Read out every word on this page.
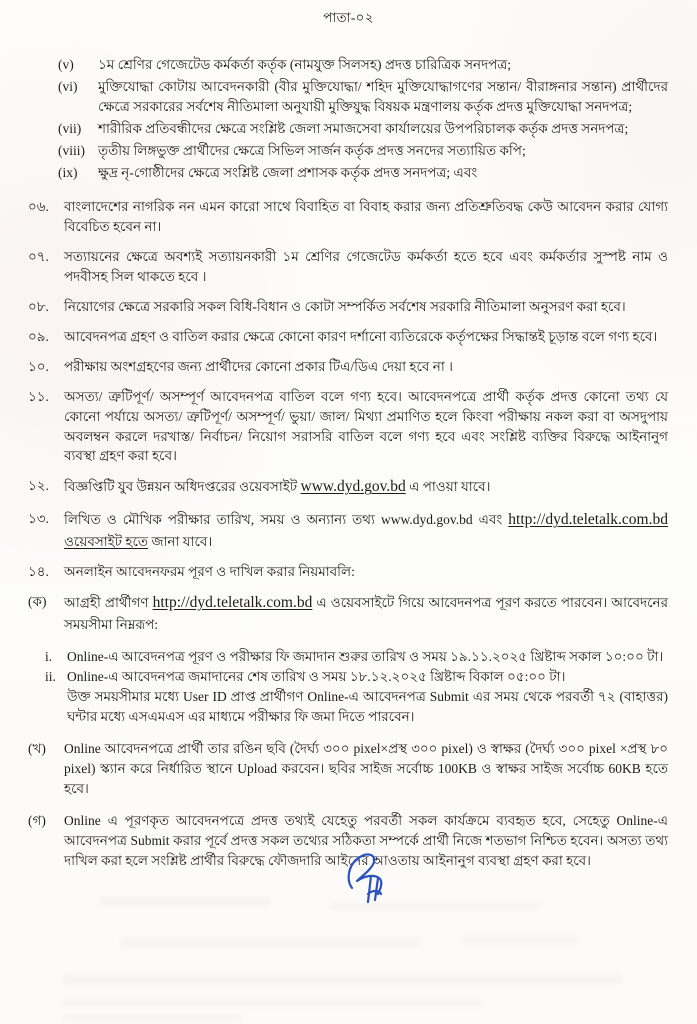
পাতা-০২
(v)	১ম শ্রেণির গেজেটেড কর্মকর্তা কর্তৃক (নামযুক্ত সিলসহ) প্রদত্ত চারিত্রিক সনদপত্র;
(vi)	মুক্তিযোদ্ধা কোটায় আবেদনকারী (বীর মুক্তিযোদ্ধা/ শহিদ মুক্তিযোদ্ধাগণের সন্তান/ বীরাঙ্গনার সন্তান) প্রার্থীদের ক্ষেত্রে সরকারের সর্বশেষ নীতিমালা অনুযায়ী মুক্তিযুদ্ধ বিষয়ক মন্ত্রণালয় কর্তৃক প্রদত্ত মুক্তিযোদ্ধা সনদপত্র;
(vii)	শারীরিক প্রতিবন্ধীদের ক্ষেত্রে সংশ্লিষ্ট জেলা সমাজসেবা কার্যালয়ের উপপরিচালক কর্তৃক প্রদত্ত সনদপত্র;
(viii) তৃতীয় লিঙ্গভুক্ত প্রার্থীদের ক্ষেত্রে সিভিল সার্জন কর্তৃক প্রদত্ত সনদের সত্যায়িত কপি;
(ix)	ক্ষুদ্র নৃ-গোষ্ঠীদের ক্ষেত্রে সংশ্লিষ্ট জেলা প্রশাসক কর্তৃক প্রদত্ত সনদপত্র; এবং
০৬.	বাংলাদেশের নাগরিক নন এমন কারো সাথে বিবাহিত বা বিবাহ করার জন্য প্রতিশ্রুতিবদ্ধ কেউ আবেদন করার যোগ্য বিবেচিত হবেন না।
০৭.	সত্যায়নের ক্ষেত্রে অবশ্যই সত্যায়নকারী ১ম শ্রেণির গেজেটেড কর্মকর্তা হতে হবে এবং কর্মকর্তার সুস্পষ্ট নাম ও পদবীসহ সিল থাকতে হবে ।
০৮.	নিয়োগের ক্ষেত্রে সরকারি সকল বিধি-বিধান ও কোটা সম্পর্কিত সর্বশেষ সরকারি নীতিমালা অনুসরণ করা হবে।
০৯.	আবেদনপত্র গ্রহণ ও বাতিল করার ক্ষেত্রে কোনো কারণ দর্শানো ব্যতিরেকে কর্তৃপক্ষের সিদ্ধান্তই চূড়ান্ত বলে গণ্য হবে।
১০.	পরীক্ষায় অংশগ্রহণের জন্য প্রার্থীদের কোনো প্রকার টিএ/ডিএ দেয়া হবে না ।
১১.	অসত্য/ ত্রুটিপূর্ণ/ অসম্পূর্ণ আবেদনপত্র বাতিল বলে গণ্য হবে। আবেদনপত্রে প্রার্থী কর্তৃক প্রদত্ত কোনো তথ্য যে কোনো পর্যায়ে অসত্য/ ত্রুটিপূর্ণ/ অসম্পূর্ণ/ ভুয়া/ জাল/ মিথ্যা প্রমাণিত হলে কিংবা পরীক্ষায় নকল করা বা অসদুপায় অবলম্বন করলে দরখাস্ত/ নির্বাচন/ নিয়োগ সরাসরি বাতিল বলে গণ্য হবে এবং সংশ্লিষ্ট ব্যক্তির বিরুদ্ধে আইনানুগ ব্যবস্থা গ্রহণ করা হবে।
১২.	বিজ্ঞপ্তিটি যুব উন্নয়ন অধিদপ্তরের ওয়েবসাইট www.dyd.gov.bd এ পাওয়া যাবে।
১৩.	লিখিত ও মৌখিক পরীক্ষার তারিখ, সময় ও অন্যান্য তথ্য www.dyd.gov.bd এবং http://dyd.teletalk.com.bd ওয়েবসাইট হতে জানা যাবে।
১৪.	অনলাইন আবেদনফরম পূরণ ও দাখিল করার নিয়মাবলি:
(ক)	আগ্রহী প্রার্থীগণ http://dyd.teletalk.com.bd এ ওয়েবসাইটে গিয়ে আবেদনপত্র পূরণ করতে পারবেন। আবেদনের সময়সীমা নিম্নরূপ:
i.	Online-এ আবেদনপত্র পূরণ ও পরীক্ষার ফি জমাদান শুরুর তারিখ ও সময় ১৯.১১.২০২৫ খ্রিষ্টাব্দ সকাল ১০:০০ টা।
ii. Online-এ আবেদনপত্র জমাদানের শেষ তারিখ ও সময় ১৮.১২.২০২৫ খ্রিষ্টাব্দ বিকাল ০৫:০০ টা।
উক্ত সময়সীমার মধ্যে User ID প্রাপ্ত প্রার্থীগণ Online-এ আবেদনপত্র Submit এর সময় থেকে পরবর্তী ৭২ (বাহাত্তর) ঘন্টার মধ্যে এসএমএস এর মাধ্যমে পরীক্ষার ফি জমা দিতে পারবেন।
(খ)	Online আবেদনপত্রে প্রার্থী তার রঙিন ছবি (দৈর্ঘ্য ৩০০ pixel×প্রস্থ ৩০০ pixel) ও স্বাক্ষর (দৈর্ঘ্য ৩০০ pixel ×প্রস্থ ৮০ pixel) স্ক্যান করে নির্ধারিত স্থানে Upload করবেন। ছবির সাইজ সর্বোচ্চ 100KB ও স্বাক্ষর সাইজ সর্বোচ্চ 60KB হতে হবে।
(গ)	Online এ পূরণকৃত আবেদনপত্রে প্রদত্ত তথ্যই যেহেতু পরবর্তী সকল কার্যক্রমে ব্যবহৃত হবে, সেহেতু Online-এ আবেদনপত্র Submit করার পূর্বে প্রদত্ত সকল তথ্যের সঠিকতা সম্পর্কে প্রার্থী নিজে শতভাগ নিশ্চিত হবেন। অসত্য তথ্য দাখিল করা হলে সংশ্লিষ্ট প্রার্থীর বিরুদ্ধে ফৌজদারি আইনের আওতায় আইনানুগ ব্যবস্থা গ্রহণ করা হবে।
